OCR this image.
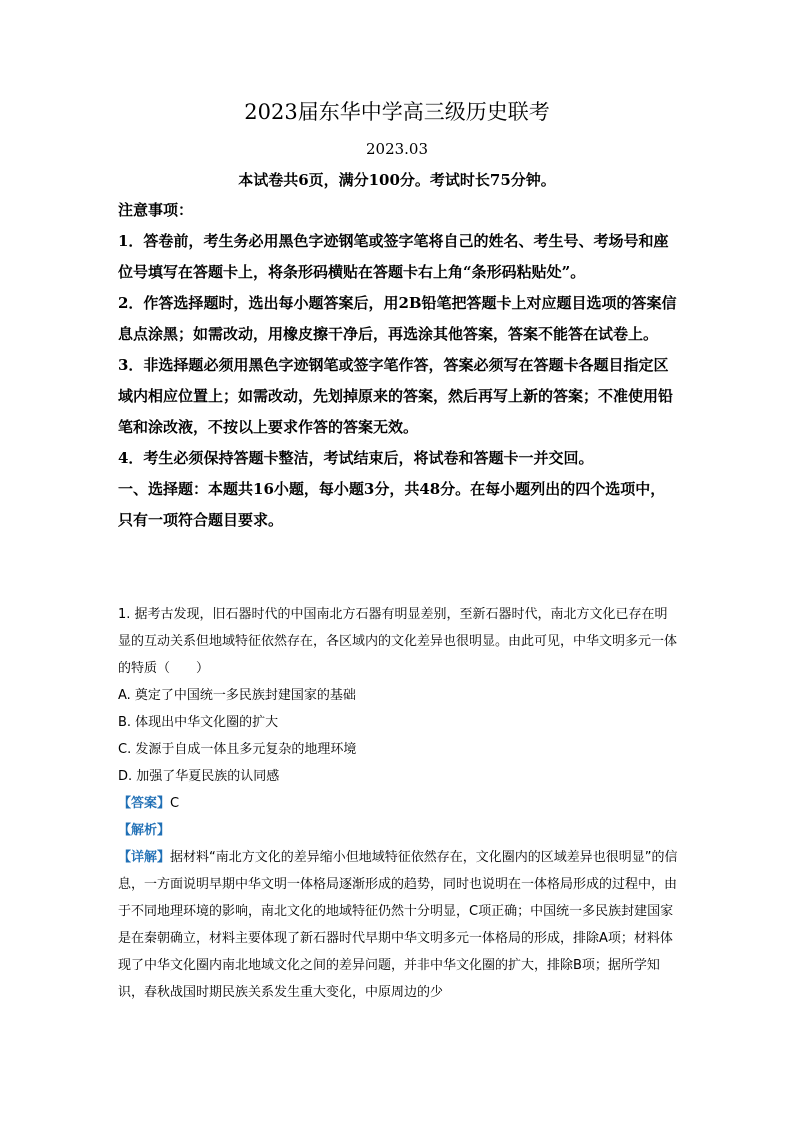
2023届东华中学高三级历史联考
2023.03
本试卷共6页，满分100分。考试时长75分钟。

注意事项：

1．答卷前，考生务必用黑色字迹钢笔或签字笔将自己的姓名、考生号、考场号和座位号填写在答题卡上，将条形码横贴在答题卡右上角“条形码粘贴处”。

2．作答选择题时，选出每小题答案后，用2B铅笔把答题卡上对应题目选项的答案信息点涂黑；如需改动，用橡皮擦干净后，再选涂其他答案，答案不能答在试卷上。

3．非选择题必须用黑色字迹钢笔或签字笔作答，答案必须写在答题卡各题目指定区域内相应位置上；如需改动，先划掉原来的答案，然后再写上新的答案；不准使用铅笔和涂改液，不按以上要求作答的答案无效。

4．考生必须保持答题卡整洁，考试结束后，将试卷和答题卡一并交回。

一、选择题：本题共16小题，每小题3分，共48分。在每小题列出的四个选项中，只有一项符合题目要求。

1. 据考古发现，旧石器时代的中国南北方石器有明显差别，至新石器时代，南北方文化已存在明显的互动关系但地域特征依然存在，各区域内的文化差异也很明显。由此可见，中华文明多元一体的特质（　　）

A. 奠定了中国统一多民族封建国家的基础

B. 体现出中华文化圈的扩大

C. 发源于自成一体且多元复杂的地理环境

D. 加强了华夏民族的认同感

【答案】C

【解析】

【详解】据材料“南北方文化的差异缩小但地域特征依然存在，文化圈内的区域差异也很明显”的信息，一方面说明早期中华文明一体格局逐渐形成的趋势，同时也说明在一体格局形成的过程中，由于不同地理环境的影响，南北文化的地域特征仍然十分明显，C项正确；中国统一多民族封建国家是在秦朝确立，材料主要体现了新石器时代早期中华文明多元一体格局的形成，排除A项；材料体现了中华文化圈内南北地域文化之间的差异问题，并非中华文化圈的扩大，排除B项；据所学知识，春秋战国时期民族关系发生重大变化，中原周边的少
